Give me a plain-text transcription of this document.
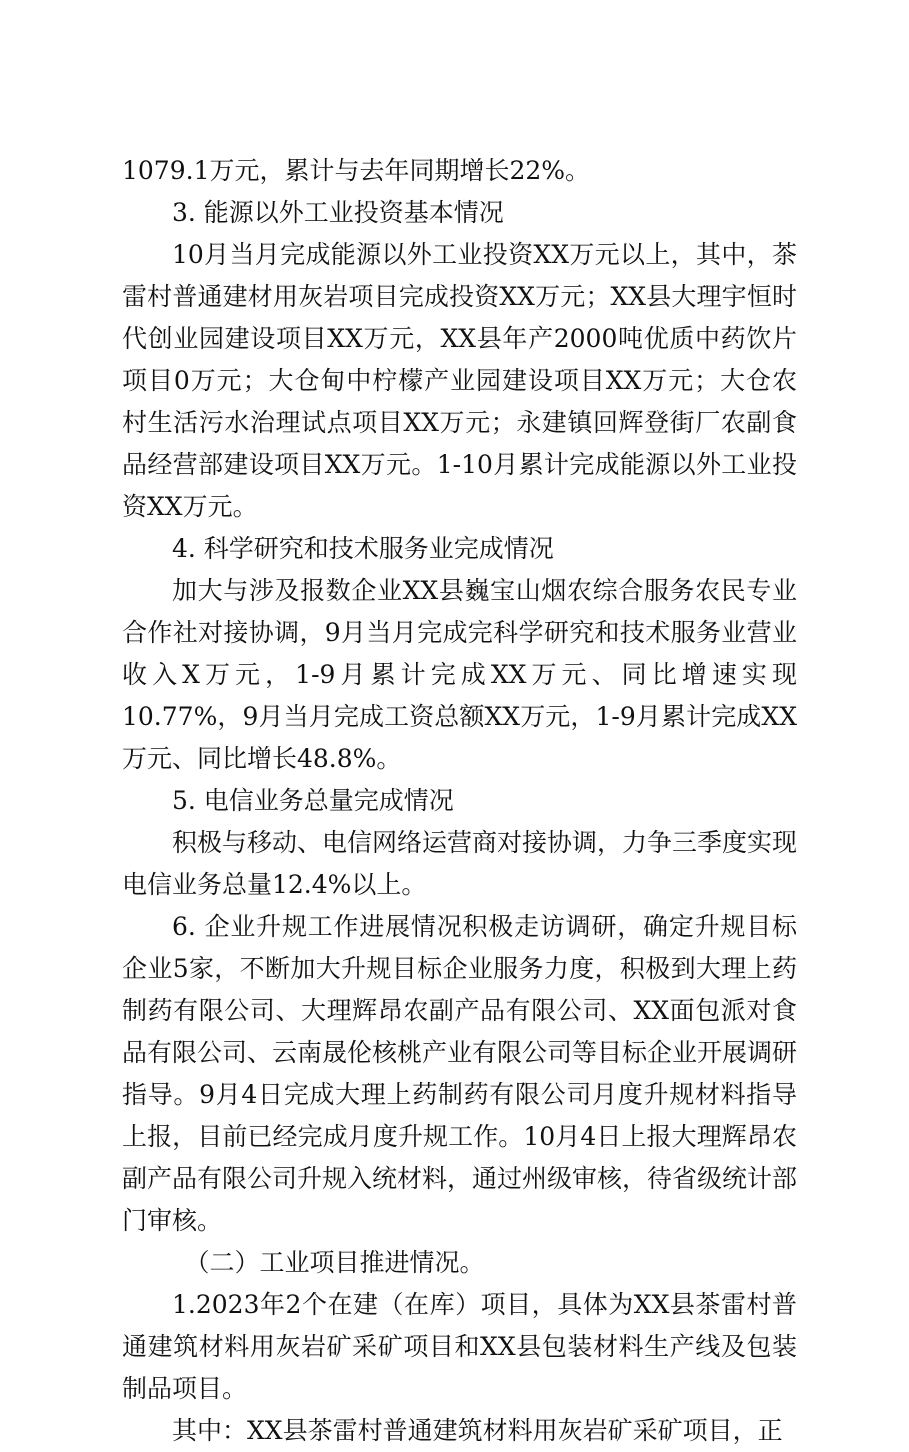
1079.1万元，累计与去年同期增长22%。

3. 能源以外工业投资基本情况

10月当月完成能源以外工业投资XX万元以上，其中，茶雷村普通建材用灰岩项目完成投资XX万元；XX县大理宇恒时代创业园建设项目XX万元，XX县年产2000吨优质中药饮片项目0万元；大仓甸中柠檬产业园建设项目XX万元；大仓农村生活污水治理试点项目XX万元；永建镇回辉登街厂农副食品经营部建设项目XX万元。1-10月累计完成能源以外工业投资XX万元。

4. 科学研究和技术服务业完成情况

加大与涉及报数企业XX县巍宝山烟农综合服务农民专业合作社对接协调，9月当月完成完科学研究和技术服务业营业收入X万元，1-9月累计完成XX万元、同比增速实现10.77%，9月当月完成工资总额XX万元，1-9月累计完成XX万元、同比增长48.8%。

5. 电信业务总量完成情况

积极与移动、电信网络运营商对接协调，力争三季度实现电信业务总量12.4%以上。

6. 企业升规工作进展情况积极走访调研，确定升规目标企业5家，不断加大升规目标企业服务力度，积极到大理上药制药有限公司、大理辉昂农副产品有限公司、XX面包派对食品有限公司、云南晟伦核桃产业有限公司等目标企业开展调研指导。9月4日完成大理上药制药有限公司月度升规材料指导上报，目前已经完成月度升规工作。10月4日上报大理辉昂农副产品有限公司升规入统材料，通过州级审核，待省级统计部门审核。

（二）工业项目推进情况。

1.2023年2个在建（在库）项目，具体为XX县茶雷村普通建筑材料用灰岩矿采矿项目和XX县包装材料生产线及包装制品项目。

其中：XX县茶雷村普通建筑材料用灰岩矿采矿项目，正
